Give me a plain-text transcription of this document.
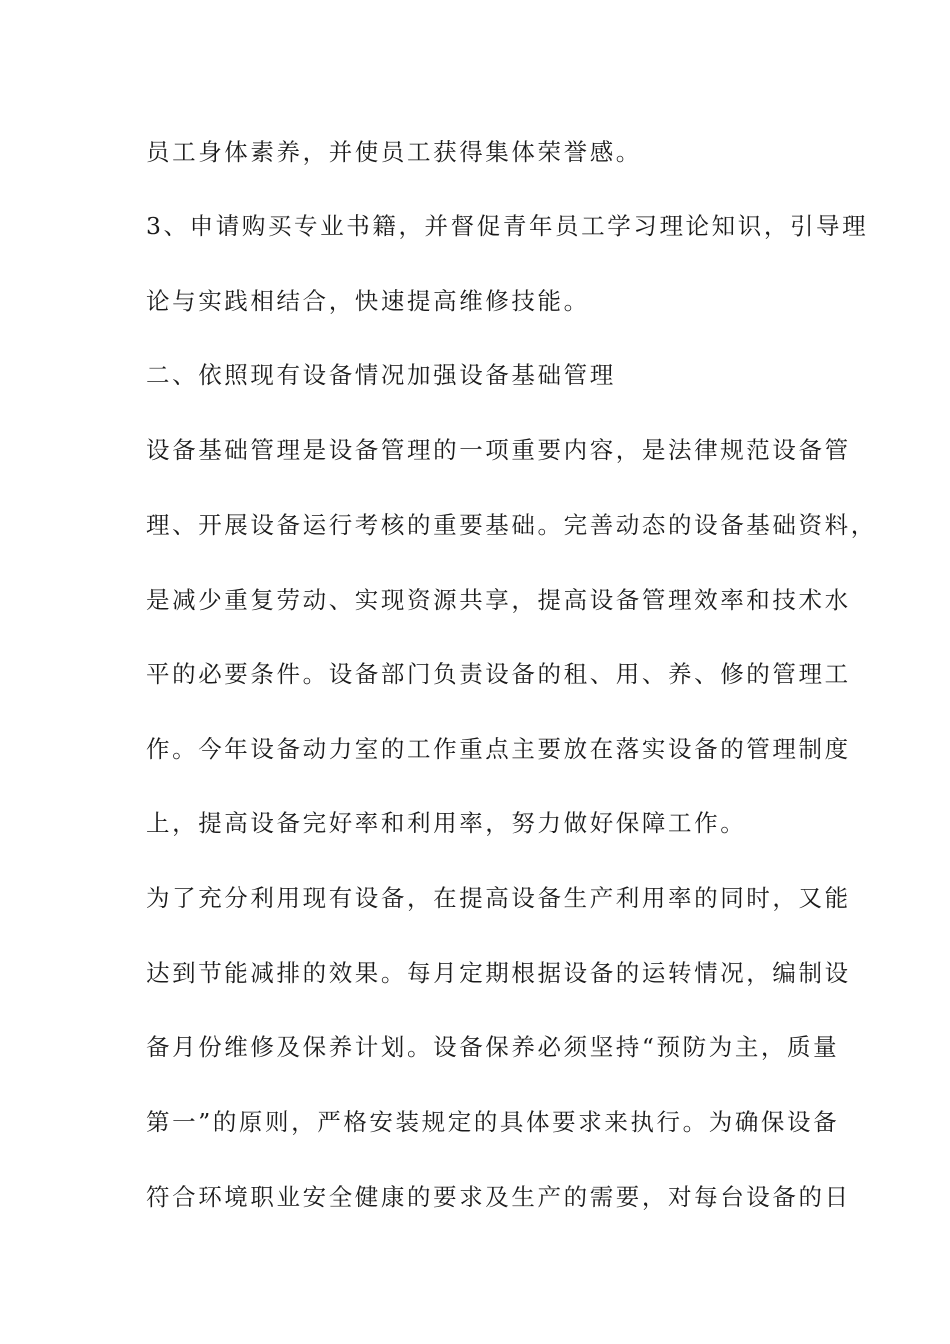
员工身体素养，并使员工获得集体荣誉感。
3、申请购买专业书籍，并督促青年员工学习理论知识，引导理
论与实践相结合，快速提高维修技能。
二、依照现有设备情况加强设备基础管理
设备基础管理是设备管理的一项重要内容，是法律规范设备管
理、开展设备运行考核的重要基础。完善动态的设备基础资料，
是减少重复劳动、实现资源共享，提高设备管理效率和技术水
平的必要条件。设备部门负责设备的租、用、养、修的管理工
作。今年设备动力室的工作重点主要放在落实设备的管理制度
上，提高设备完好率和利用率，努力做好保障工作。
为了充分利用现有设备，在提高设备生产利用率的同时，又能
达到节能减排的效果。每月定期根据设备的运转情况，编制设
备月份维修及保养计划。设备保养必须坚持“预防为主，质量
第一”的原则，严格安装规定的具体要求来执行。为确保设备
符合环境职业安全健康的要求及生产的需要，对每台设备的日
